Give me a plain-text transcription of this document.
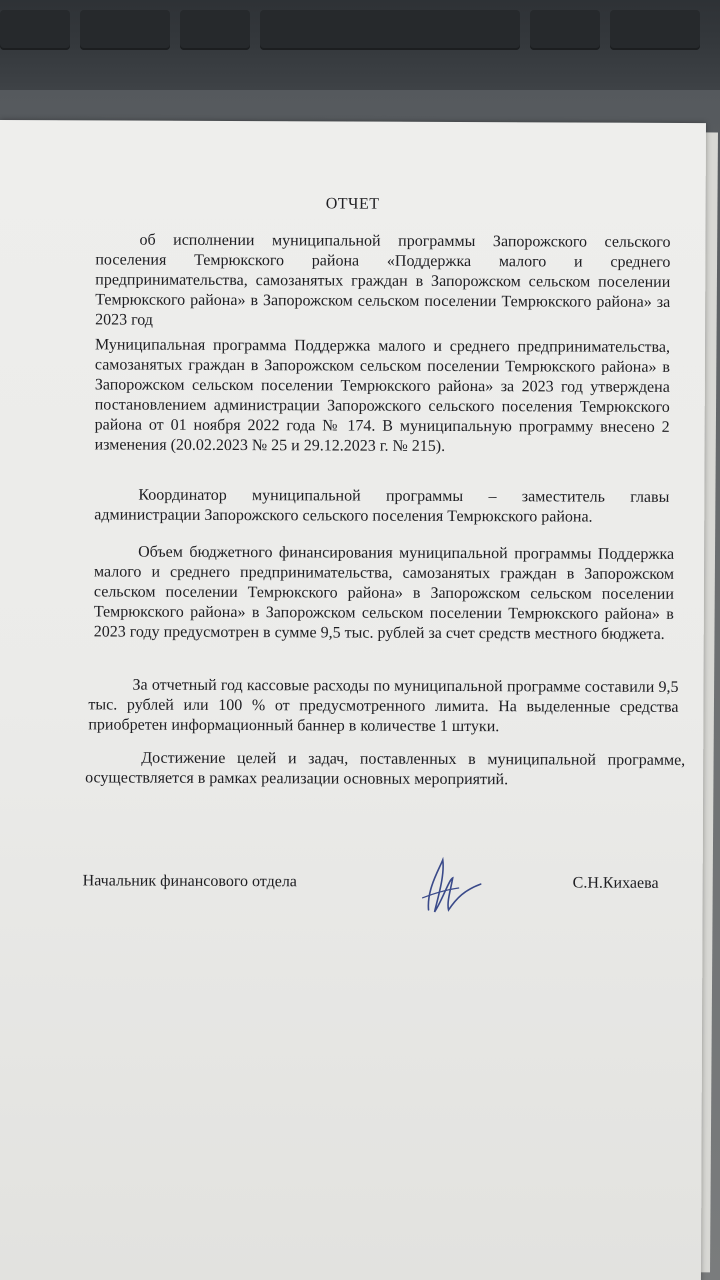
ОТЧЕТ
об исполнении муниципальной программы Запорожского сельского поселения Темрюкского района «Поддержка малого и среднего предпринимательства, самозанятых граждан в Запорожском сельском поселении Темрюкского района» в Запорожском сельском поселении Темрюкского района» за 2023 год
Муниципальная программа Поддержка малого и среднего предпринимательства, самозанятых граждан в Запорожском сельском поселении Темрюкского района» в Запорожском сельском поселении Темрюкского района» за 2023 год утверждена постановлением администрации Запорожского сельского поселения Темрюкского района от 01 ноября 2022 года № 174. В муниципальную программу внесено 2 изменения (20.02.2023 № 25 и 29.12.2023 г. № 215).
Координатор муниципальной программы – заместитель главы администрации Запорожского сельского поселения Темрюкского района.
Объем бюджетного финансирования муниципальной программы Поддержка малого и среднего предпринимательства, самозанятых граждан в Запорожском сельском поселении Темрюкского района» в Запорожском сельском поселении Темрюкского района» в Запорожском сельском поселении Темрюкского района» в 2023 году предусмотрен в сумме 9,5 тыс. рублей за счет средств местного бюджета.
За отчетный год кассовые расходы по муниципальной программе составили 9,5 тыс. рублей или 100 % от предусмотренного лимита. На выделенные средства приобретен информационный баннер в количестве 1 штуки.
Достижение целей и задач, поставленных в муниципальной программе, осуществляется в рамках реализации основных мероприятий.
Начальник финансового отдела	С.Н.Кихаева
